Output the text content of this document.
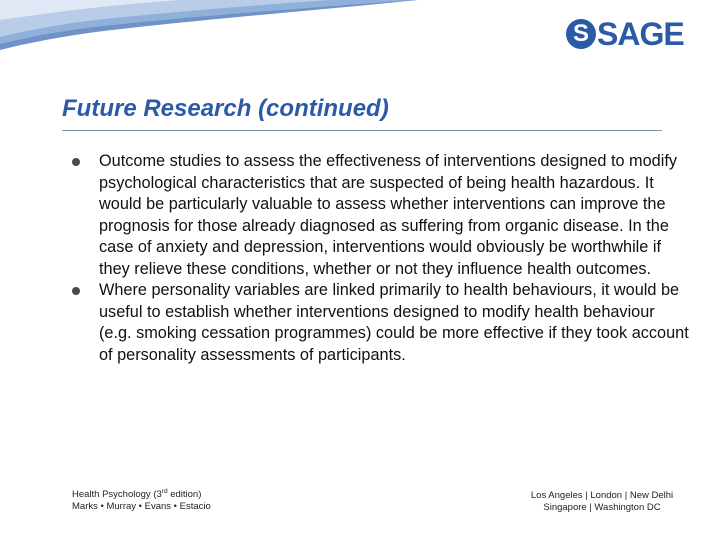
S SAGE
Future Research (continued)
Outcome studies to assess the effectiveness of interventions designed to modify psychological characteristics that are suspected of being health hazardous. It would be particularly valuable to assess whether interventions can improve the prognosis for those already diagnosed as suffering from organic disease. In the case of anxiety and depression, interventions would obviously be worthwhile if they relieve these conditions, whether or not they influence health outcomes.
Where personality variables are linked primarily to health behaviours, it would be useful to establish whether interventions designed to modify health behaviour (e.g. smoking cessation programmes) could be more effective if they took account of personality assessments of participants.
Health Psychology (3rd edition)
Marks • Murray • Evans • Estacio
Los Angeles | London | New Delhi
Singapore | Washington DC
